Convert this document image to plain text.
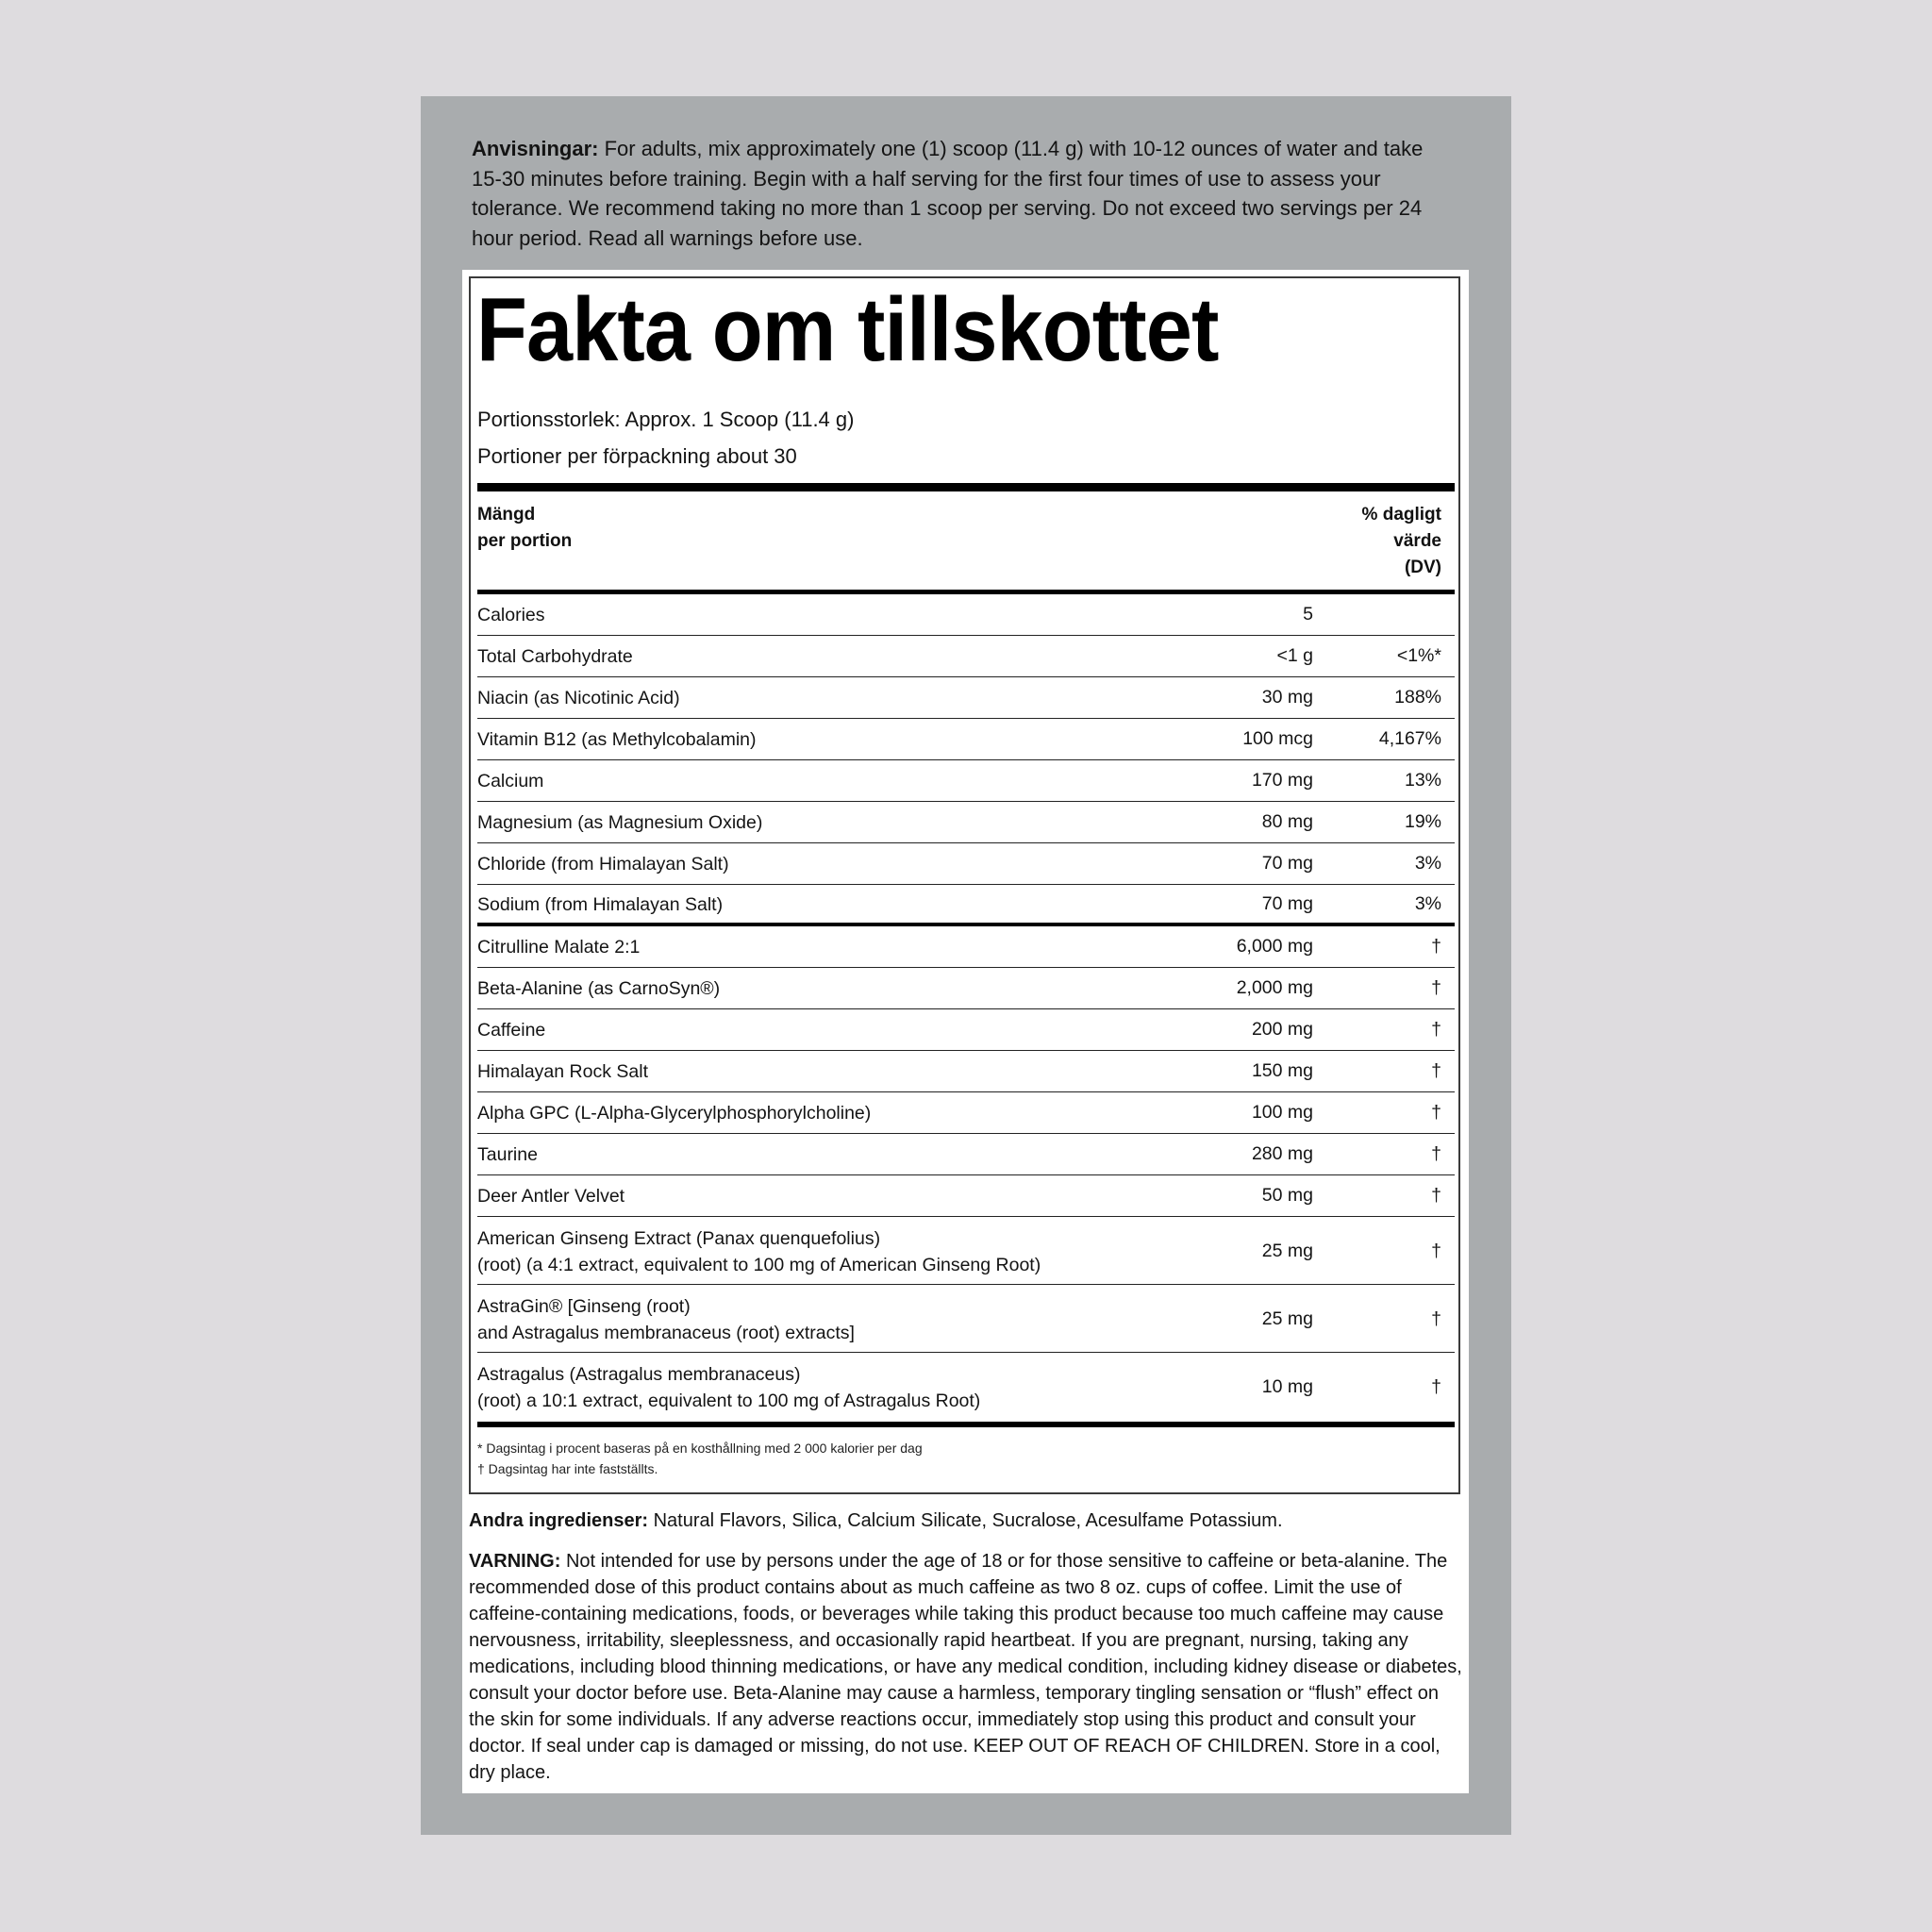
Anvisningar: For adults, mix approximately one (1) scoop (11.4 g) with 10-12 ounces of water and take 15-30 minutes before training. Begin with a half serving for the first four times of use to assess your tolerance. We recommend taking no more than 1 scoop per serving. Do not exceed two servings per 24 hour period. Read all warnings before use.
Fakta om tillskottet
Portionsstorlek: Approx. 1 Scoop (11.4 g)
Portioner per förpackning about 30
Mängd
per portion
% dagligt
värde
(DV)
Calories	5
Total Carbohydrate	<1 g	<1%*
Niacin (as Nicotinic Acid)	30 mg	188%
Vitamin B12 (as Methylcobalamin)	100 mcg	4,167%
Calcium	170 mg	13%
Magnesium (as Magnesium Oxide)	80 mg	19%
Chloride (from Himalayan Salt)	70 mg	3%
Sodium (from Himalayan Salt)	70 mg	3%
Citrulline Malate 2:1	6,000 mg	†
Beta-Alanine (as CarnoSyn®)	2,000 mg	†
Caffeine	200 mg	†
Himalayan Rock Salt	150 mg	†
Alpha GPC (L-Alpha-Glycerylphosphorylcholine)	100 mg	†
Taurine	280 mg	†
Deer Antler Velvet	50 mg	†
American Ginseng Extract (Panax quenquefolius)
(root) (a 4:1 extract, equivalent to 100 mg of American Ginseng Root)
25 mg	†
AstraGin® [Ginseng (root)
and Astragalus membranaceus (root) extracts]
25 mg	†
Astragalus (Astragalus membranaceus)
(root) a 10:1 extract, equivalent to 100 mg of Astragalus Root)
10 mg	†
* Dagsintag i procent baseras på en kosthållning med 2 000 kalorier per dag
† Dagsintag har inte fastställts.
Andra ingredienser: Natural Flavors, Silica, Calcium Silicate, Sucralose, Acesulfame Potassium.
VARNING: Not intended for use by persons under the age of 18 or for those sensitive to caffeine or beta-alanine. The recommended dose of this product contains about as much caffeine as two 8 oz. cups of coffee. Limit the use of caffeine-containing medications, foods, or beverages while taking this product because too much caffeine may cause nervousness, irritability, sleeplessness, and occasionally rapid heartbeat. If you are pregnant, nursing, taking any medications, including blood thinning medications, or have any medical condition, including kidney disease or diabetes, consult your doctor before use. Beta-Alanine may cause a harmless, temporary tingling sensation or “flush” effect on the skin for some individuals. If any adverse reactions occur, immediately stop using this product and consult your doctor. If seal under cap is damaged or missing, do not use. KEEP OUT OF REACH OF CHILDREN. Store in a cool, dry place.
